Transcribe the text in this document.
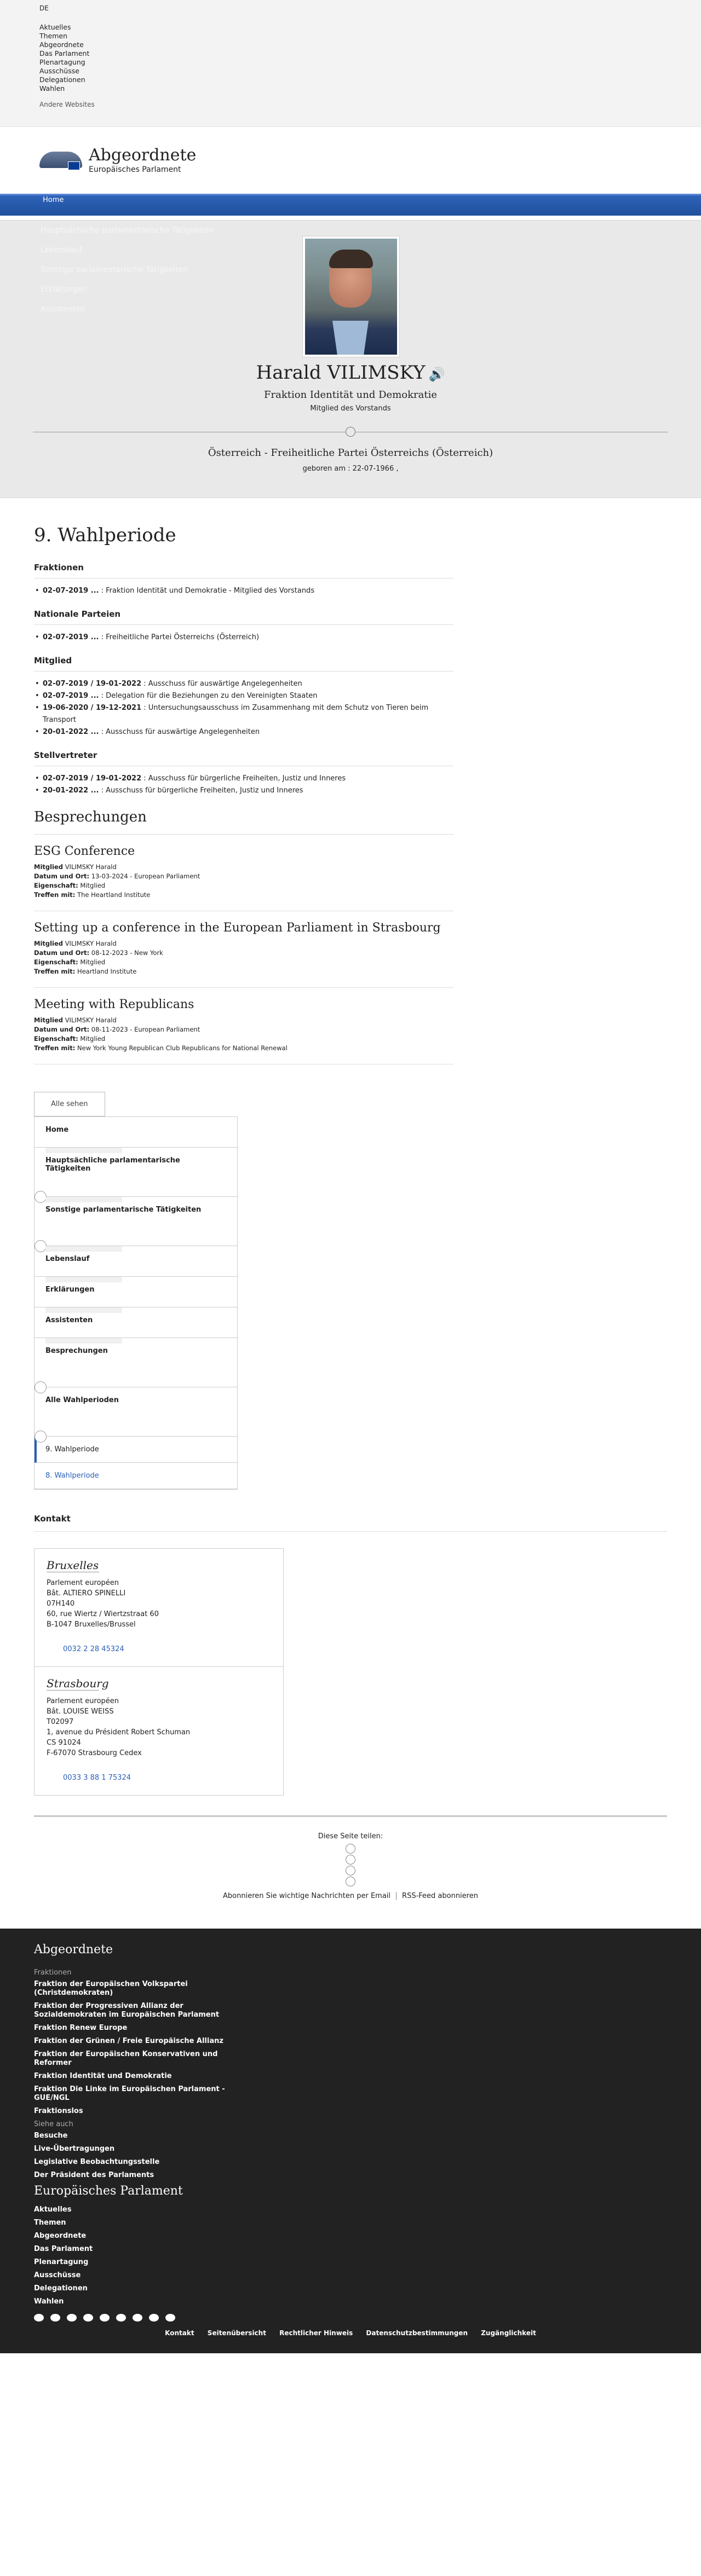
DE
Aktuelles
Themen
Abgeordnete
Das Parlament
Plenartagung
Ausschüsse
Delegationen
Wahlen
Andere Websites
Abgeordnete
Europäisches Parlament
Home
Hauptsächliche parlamentarische Tätigkeiten
Lebenslauf
Sonstige parlamentarische Tätigkeiten
Erklärungen
Assistenten
Harald VILIMSKY 🔊
Fraktion Identität und Demokratie
Mitglied des Vorstands
Österreich - Freiheitliche Partei Österreichs (Österreich)
geboren am : 22-07-1966 ,
9. Wahlperiode
Fraktionen
• 02-07-2019 ... : Fraktion Identität und Demokratie - Mitglied des Vorstands
Nationale Parteien
• 02-07-2019 ... : Freiheitliche Partei Österreichs (Österreich)
Mitglied
• 02-07-2019 / 19-01-2022 : Ausschuss für auswärtige Angelegenheiten
• 02-07-2019 ... : Delegation für die Beziehungen zu den Vereinigten Staaten
• 19-06-2020 / 19-12-2021 : Untersuchungsausschuss im Zusammenhang mit dem Schutz von Tieren beim Transport
• 20-01-2022 ... : Ausschuss für auswärtige Angelegenheiten
Stellvertreter
• 02-07-2019 / 19-01-2022 : Ausschuss für bürgerliche Freiheiten, Justiz und Inneres
• 20-01-2022 ... : Ausschuss für bürgerliche Freiheiten, Justiz und Inneres
Besprechungen
ESG Conference

Mitglied VILIMSKY Harald

Datum und Ort: 13-03-2024 - European Parliament

Eigenschaft: Mitglied

Treffen mit: The Heartland Institute

Setting up a conference in the European Parliament in Strasbourg

Mitglied VILIMSKY Harald

Datum und Ort: 08-12-2023 - New York

Eigenschaft: Mitglied

Treffen mit: Heartland Institute

Meeting with Republicans

Mitglied VILIMSKY Harald

Datum und Ort: 08-11-2023 - European Parliament

Eigenschaft: Mitglied

Treffen mit: New York Young Republican Club Republicans for National Renewal

Alle sehen
Home
Hauptsächliche parlamentarische Tätigkeiten
Sonstige parlamentarische Tätigkeiten
Lebenslauf
Erklärungen
Assistenten
Besprechungen
Alle Wahlperioden
9. Wahlperiode
8. Wahlperiode
Kontakt
Bruxelles

Parlement européen

Bât. ALTIERO SPINELLI

07H140

60, rue Wiertz / Wiertzstraat 60

B-1047 Bruxelles/Brussel

0032 2 28 45324
Strasbourg

Parlement européen

Bât. LOUISE WEISS

T02097

1, avenue du Président Robert Schuman

CS 91024

F-67070 Strasbourg Cedex

0033 3 88 1 75324
Diese Seite teilen:
Abonnieren Sie wichtige Nachrichten per Email RSS-Feed abonnieren
Abgeordnete
Fraktionen
Fraktion der Europäischen Volkspartei (Christdemokraten)
Fraktion der Progressiven Allianz der Sozialdemokraten im Europäischen Parlament
Fraktion Renew Europe
Fraktion der Grünen / Freie Europäische Allianz
Fraktion der Europäischen Konservativen und Reformer
Fraktion Identität und Demokratie
Fraktion Die Linke im Europäischen Parlament - GUE/NGL
Fraktionslos
Siehe auch
Besuche
Live-Übertragungen
Legislative Beobachtungsstelle
Der Präsident des Parlaments
Europäisches Parlament
Aktuelles
Themen
Abgeordnete
Das Parlament
Plenartagung
Ausschüsse
Delegationen
Wahlen
Kontakt Seitenübersicht Rechtlicher Hinweis Datenschutzbestimmungen Zugänglichkeit
